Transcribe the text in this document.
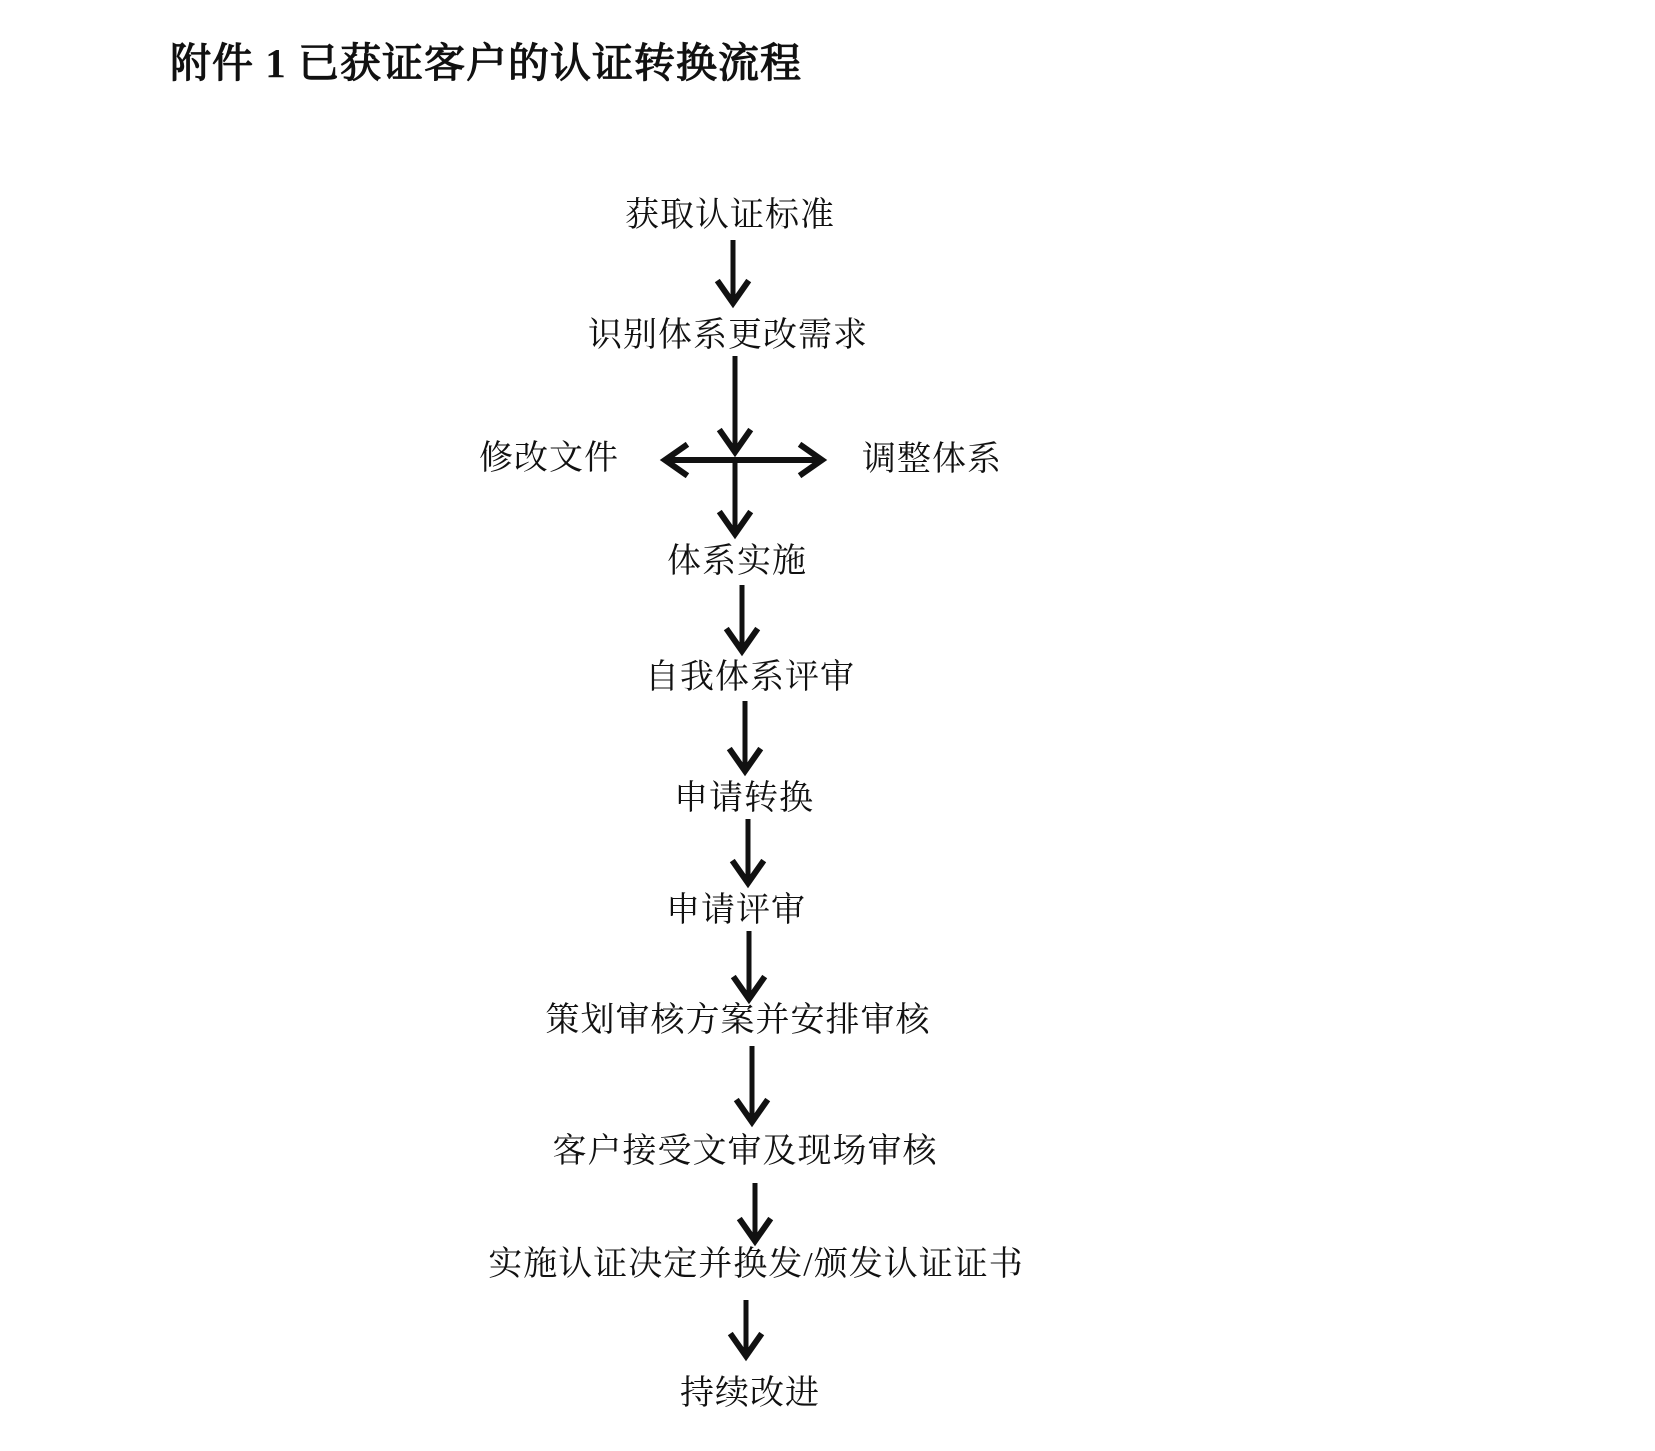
附件 1 已获证客户的认证转换流程
获取认证标准
识别体系更改需求
修改文件	调整体系
体系实施
自我体系评审
申请转换
申请评审
策划审核方案并安排审核
客户接受文审及现场审核
实施认证决定并换发/颁发认证证书
持续改进
